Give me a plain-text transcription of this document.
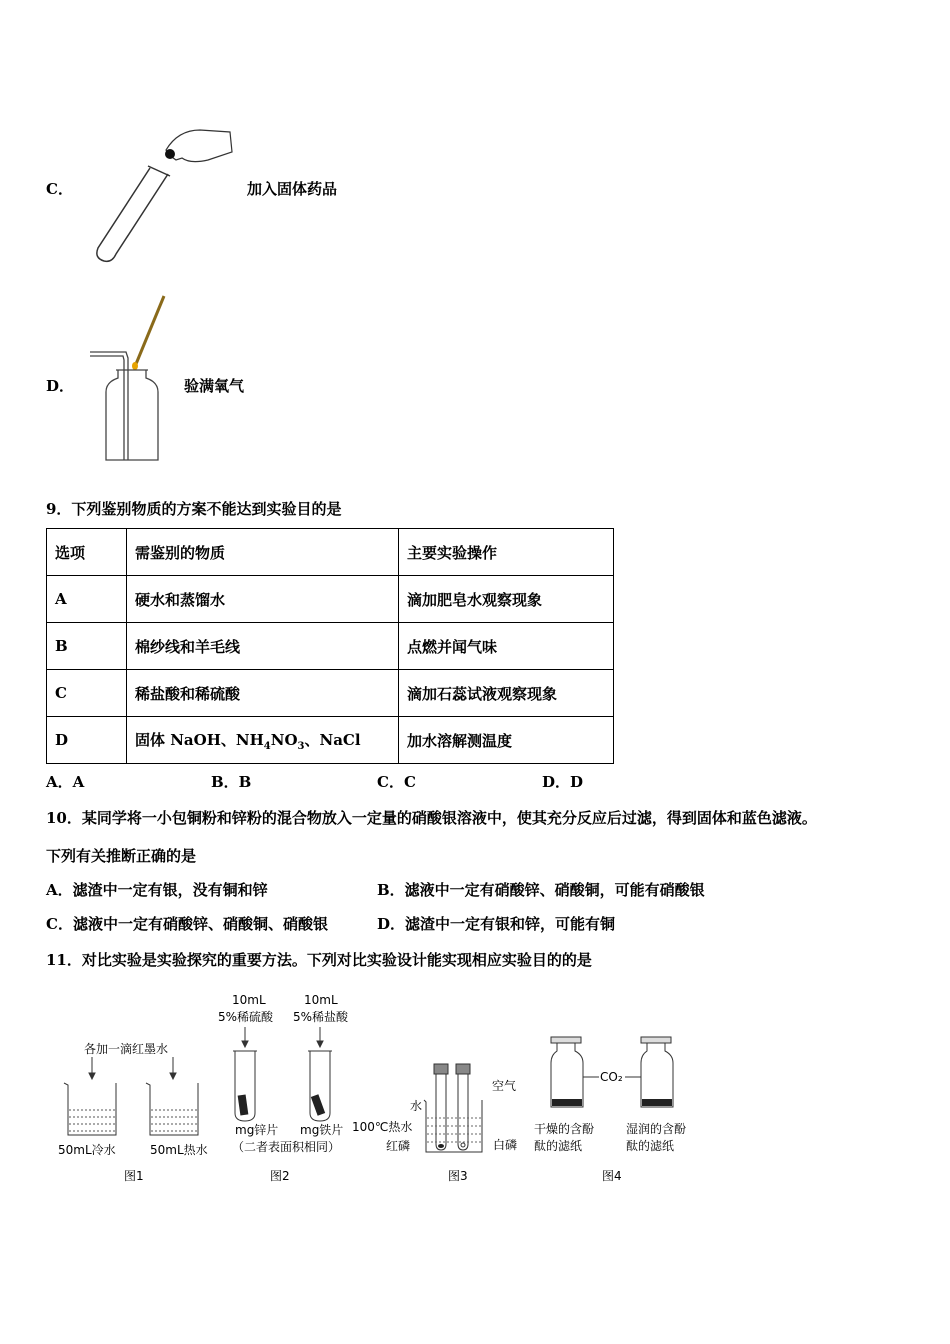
C．	加入固体药品
D．	验满氧气
9．下列鉴别物质的方案不能达到实验目的是
选项	需鉴别的物质	主要实验操作
A	硬水和蒸馏水	滴加肥皂水观察现象
B	棉纱线和羊毛线	点燃并闻气味
C	稀盐酸和稀硫酸	滴加石蕊试液观察现象
D	固体 NaOH、$NH_4NO_3$、NaCl	加水溶解测温度
A．A	B．B	C．C	D．D
10．某同学将一小包铜粉和锌粉的混合物放入一定量的硝酸银溶液中，使其充分反应后过滤，得到固体和蓝色滤液。
下列有关推断正确的是
A．滤渣中一定有银，没有铜和锌	B．滤液中一定有硝酸锌、硝酸铜，可能有硝酸银
C．滤液中一定有硝酸锌、硝酸铜、硝酸银	D．滤渣中一定有银和锌，可能有铜
11．对比实验是实验探究的重要方法。下列对比实验设计能实现相应实验目的的是
各加一滴红墨水
50mL冷水	50mL热水
图1
10mL
5%稀硫酸
10mL
5%稀盐酸
mg锌片 mg铁片
（二者表面积相同）
图2
空气
水
100℃热水
红磷	白磷
图3
CO₂
干燥的含酚
酞的滤纸
湿润的含酚
酞的滤纸
图4
